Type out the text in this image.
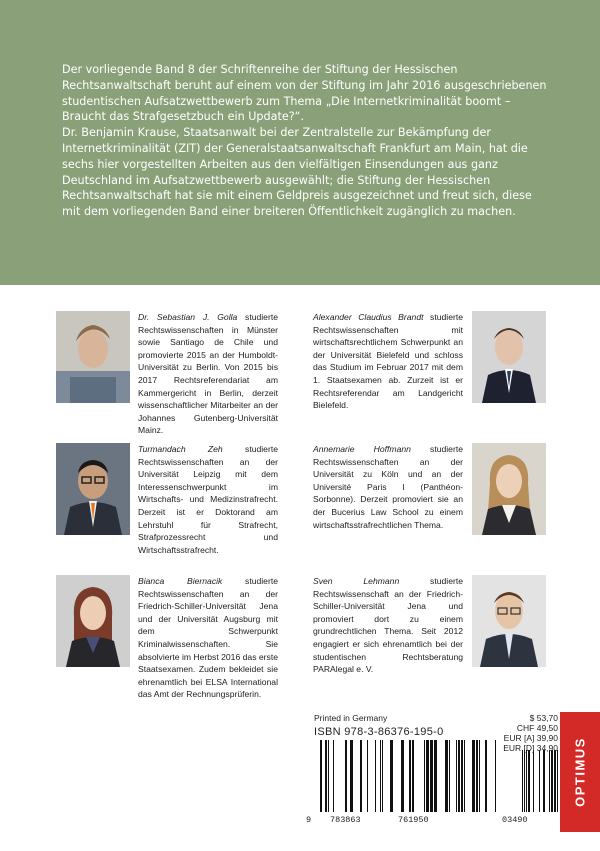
Der vorliegende Band 8 der Schriftenreihe der Stiftung der Hessischen Rechtsanwaltschaft beruht auf einem von der Stiftung im Jahr 2016 ausgeschriebenen studentischen Aufsatzwettbewerb zum Thema „Die Internetkriminalität boomt – Braucht das Strafgesetzbuch ein Update?“.

Dr. Benjamin Krause, Staatsanwalt bei der Zentralstelle zur Bekämpfung der Internetkriminalität (ZIT) der Generalstaatsanwaltschaft Frankfurt am Main, hat die sechs hier vorgestellten Arbeiten aus den vielfältigen Einsendungen aus ganz Deutschland im Aufsatzwettbewerb ausgewählt; die Stiftung der Hessischen Rechtsanwaltschaft hat sie mit einem Geldpreis ausgezeichnet und freut sich, diese mit dem vorliegenden Band einer breiteren Öffentlichkeit zugänglich zu machen.

Dr. Sebastian J. Golla studierte Rechtswissenschaften in Münster sowie Santiago de Chile und promovierte 2015 an der Humboldt-Universität zu Berlin. Von 2015 bis 2017 Rechtsreferendariat am Kammergericht in Berlin, derzeit wissenschaftlicher Mitarbeiter an der Johannes Gutenberg-Universität Mainz.
Alexander Claudius Brandt studierte Rechtswissenschaften mit wirtschaftsrechtlichem Schwerpunkt an der Universität Bielefeld und schloss das Studium im Februar 2017 mit dem 1. Staatsexamen ab. Zurzeit ist er Rechtsreferendar am Landgericht Bielefeld.
Turmandach Zeh studierte Rechtswissenschaften an der Universität Leipzig mit dem Interessenschwerpunkt im Wirtschafts- und Medizinstrafrecht. Derzeit ist er Doktorand am Lehrstuhl für Strafrecht, Strafprozessrecht und Wirtschaftsstrafrecht.
Annemarie Hoffmann studierte Rechtswissenschaften an der Universität zu Köln und an der Université Paris I (Panthéon-Sorbonne). Derzeit promoviert sie an der Bucerius Law School zu einem wirtschaftsstrafrechtlichen Thema.
Bianca Biernacik studierte Rechtswissenschaften an der Friedrich-Schiller-Universität Jena und der Universität Augsburg mit dem Schwerpunkt Kriminalwissenschaften. Sie absolvierte im Herbst 2016 das erste Staatsexamen. Zudem bekleidet sie ehrenamtlich bei ELSA International das Amt der Rechnungsprüferin.
Sven Lehmann studierte Rechtswissenschaft an der Friedrich-Schiller-Universität Jena und promoviert dort zu einem grundrechtlichen Thema. Seit 2012 engagiert er sich ehrenamtlich bei der studentischen Rechtsberatung PARAlegal e. V.
Printed in Germany
ISBN 978-3-86376-195-0
9 783863	761950	03490
$ 53,70
CHF 49,50
EUR [A] 39,90
EUR [D] 34,90 OPTIMUS
